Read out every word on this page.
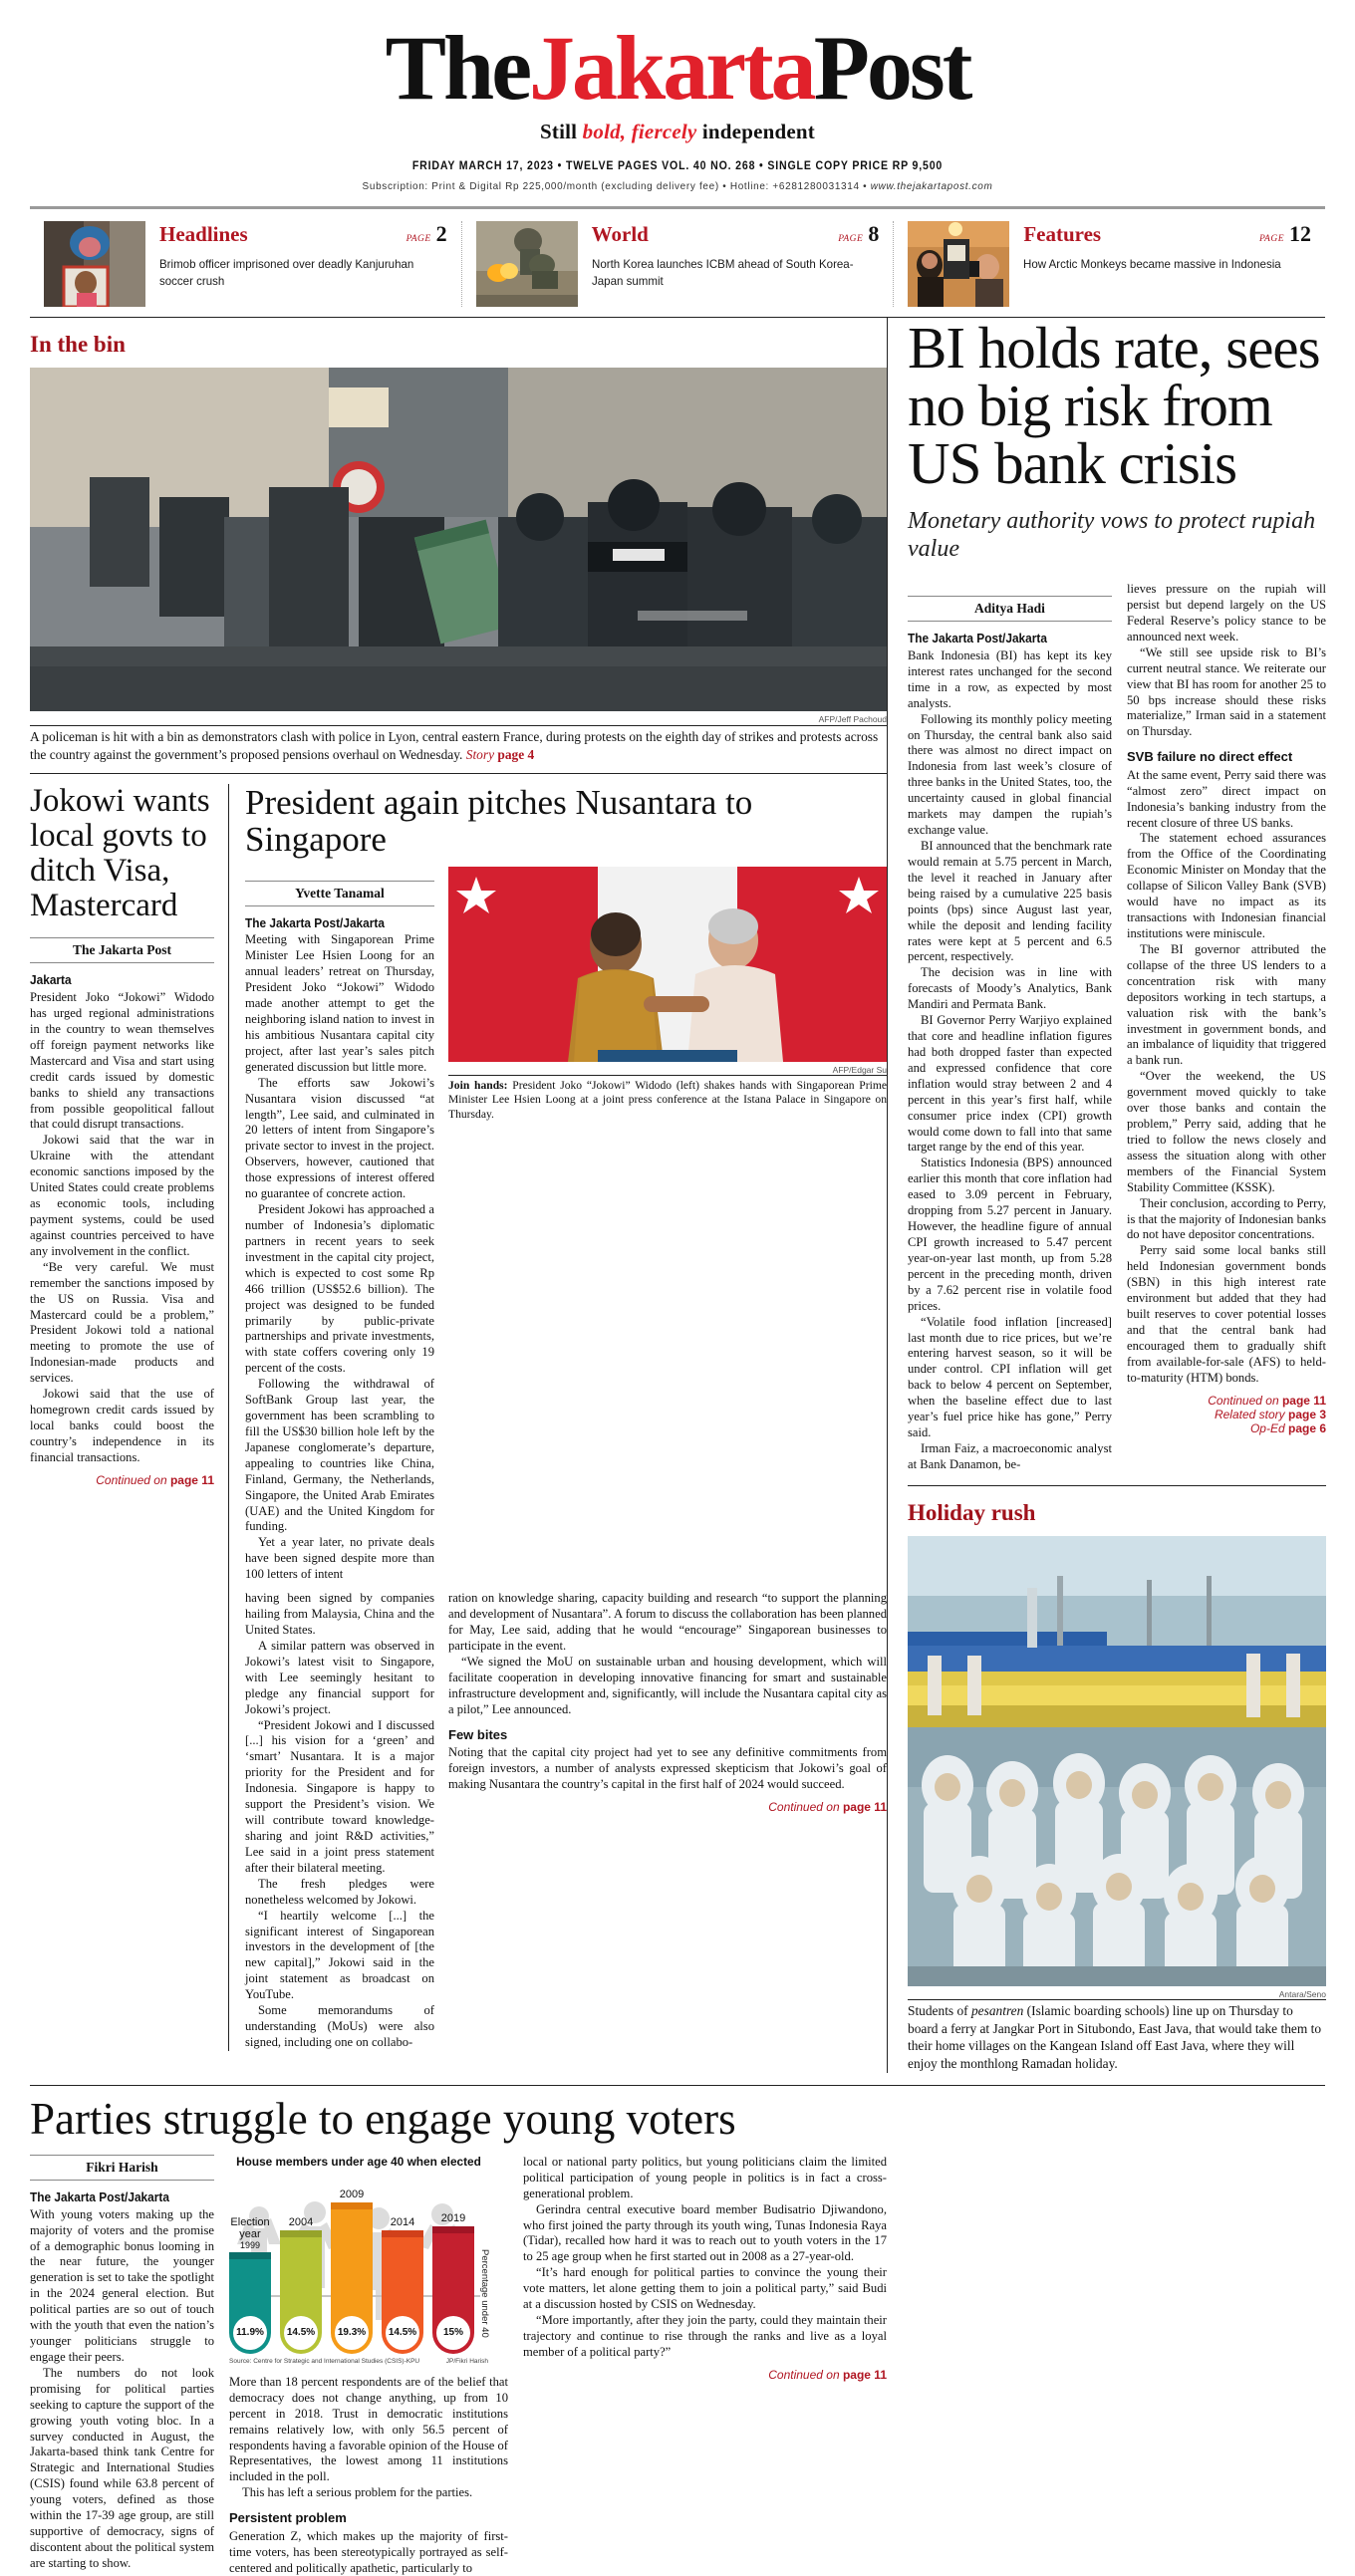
TheJakartaPost
Still bold, fiercely independent
FRIDAY MARCH 17, 2023 • TWELVE PAGES VOL. 40 NO. 268 • SINGLE COPY PRICE RP 9,500
Subscription: Print & Digital Rp 225,000/month (excluding delivery fee) • Hotline: +6281280031314 • www.thejakartapost.com
Headlines	PAGE 2
Brimob officer imprisoned over deadly Kanjuruhan soccer crush
World	PAGE 8
North Korea launches ICBM ahead of South Korea-Japan summit
Features	PAGE 12
How Arctic Monkeys became massive in Indonesia
In the bin
AFP/Jeff Pachoud
A policeman is hit with a bin as demonstrators clash with police in Lyon, central eastern France, during protests on the eighth day of strikes and protests across the country against the government’s proposed pensions overhaul on Wednesday. Story page 4
Jokowi wants local govts to ditch Visa, Mastercard
The Jakarta Post
Jakarta

President Joko “Jokowi” Widodo has urged regional administrations in the country to wean themselves off foreign payment networks like Mastercard and Visa and start using credit cards issued by domestic banks to shield any transactions from possible geopolitical fallout that could disrupt transactions.

Jokowi said that the war in Ukraine with the attendant economic sanctions imposed by the United States could create problems as economic tools, including payment systems, could be used against countries perceived to have any involvement in the conflict.

“Be very careful. We must remember the sanctions imposed by the US on Russia. Visa and Mastercard could be a problem,” President Jokowi told a national meeting to promote the use of Indonesian-made products and services.

Jokowi said that the use of homegrown credit cards issued by local banks could boost the country’s independence in its financial transactions.

Continued on page 11
President again pitches Nusantara to Singapore
Yvette Tanamal
The Jakarta Post/Jakarta

Meeting with Singaporean Prime Minister Lee Hsien Loong for an annual leaders’ retreat on Thursday, President Joko “Jokowi” Widodo made another attempt to get the neighboring island nation to invest in his ambitious Nusantara capital city project, after last year’s sales pitch generated discussion but little more.

The efforts saw Jokowi’s Nusantara vision discussed “at length”, Lee said, and culminated in 20 letters of intent from Singapore’s private sector to invest in the project. Observers, however, cautioned that those expressions of interest offered no guarantee of concrete action.

President Jokowi has approached a number of Indonesia’s diplomatic partners in recent years to seek investment in the capital city project, which is expected to cost some Rp 466 trillion (US$52.6 billion). The project was designed to be funded primarily by public-private partnerships and private investments, with state coffers covering only 19 percent of the costs.

Following the withdrawal of SoftBank Group last year, the government has been scrambling to fill the US$30 billion hole left by the Japanese conglomerate’s departure, appealing to countries like China, Finland, Germany, the Netherlands, Singapore, the United Arab Emirates (UAE) and the United Kingdom for funding.

Yet a year later, no private deals have been signed despite more than 100 letters of intent

AFP/Edgar Su
Join hands: President Joko “Jokowi” Widodo (left) shakes hands with Singaporean Prime Minister Lee Hsien Loong at a joint press conference at the Istana Palace in Singapore on Thursday.

having been signed by companies hailing from Malaysia, China and the United States.

A similar pattern was observed in Jokowi’s latest visit to Singapore, with Lee seemingly hesitant to pledge any financial support for Jokowi’s project.

“President Jokowi and I discussed [...] his vision for a ‘green’ and ‘smart’ Nusantara. It is a major priority for the President and for Indonesia. Singapore is happy to support the President’s vision. We will contribute toward knowledge-sharing and joint R&D activities,” Lee said in a joint press statement after their bilateral meeting.

The fresh pledges were nonetheless welcomed by Jokowi.

“I heartily welcome [...] the significant interest of Singaporean investors in the development of [the new capital],” Jokowi said in the joint statement as broadcast on YouTube.

Some memorandums of understanding (MoUs) were also signed, including one on collabo-

ration on knowledge sharing, capacity building and research “to support the planning and development of Nusantara”. A forum to discuss the collaboration has been planned for May, Lee said, adding that he would “encourage” Singaporean businesses to participate in the event.

“We signed the MoU on sustainable urban and housing development, which will facilitate cooperation in developing innovative financing for smart and sustainable infrastructure development and, significantly, will include the Nusantara capital city as a pilot,” Lee announced.

Few bites

Noting that the capital city project had yet to see any definitive commitments from foreign investors, a number of analysts expressed skepticism that Jokowi’s goal of making Nusantara the country’s capital in the first half of 2024 would succeed.

Continued on page 11
BI holds rate, sees no big risk from US bank crisis
Monetary authority vows to protect rupiah value
Aditya Hadi
The Jakarta Post/Jakarta

Bank Indonesia (BI) has kept its key interest rates unchanged for the second time in a row, as expected by most analysts.

Following its monthly policy meeting on Thursday, the central bank also said there was almost no direct impact on Indonesia from last week’s closure of three banks in the United States, too, the uncertainty caused in global financial markets may dampen the rupiah’s exchange value.

BI announced that the benchmark rate would remain at 5.75 percent in March, the level it reached in January after being raised by a cumulative 225 basis points (bps) since August last year, while the deposit and lending facility rates were kept at 5 percent and 6.5 percent, respectively.

The decision was in line with forecasts of Moody’s Analytics, Bank Mandiri and Permata Bank.

BI Governor Perry Warjiyo explained that core and headline inflation figures had both dropped faster than expected and expressed confidence that core inflation would stray between 2 and 4 percent in this year’s first half, while consumer price index (CPI) growth would come down to fall into that same target range by the end of this year.

Statistics Indonesia (BPS) announced earlier this month that core inflation had eased to 3.09 percent in February, dropping from 5.27 percent in January. However, the headline figure of annual CPI growth increased to 5.47 percent year-on-year last month, up from 5.28 percent in the preceding month, driven by a 7.62 percent rise in volatile food prices.

“Volatile food inflation [increased] last month due to rice prices, but we’re entering harvest season, so it will be under control. CPI inflation will get back to below 4 percent on September, when the baseline effect due to last year’s fuel price hike has gone,” Perry said.

Irman Faiz, a macroeconomic analyst at Bank Danamon, be-

lieves pressure on the rupiah will persist but depend largely on the US Federal Reserve’s policy stance to be announced next week.

“We still see upside risk to BI’s current neutral stance. We reiterate our view that BI has room for another 25 to 50 bps increase should these risks materialize,” Irman said in a statement on Thursday.

SVB failure no direct effect

At the same event, Perry said there was “almost zero” direct impact on Indonesia’s banking industry from the recent closure of three US banks.

The statement echoed assurances from the Office of the Coordinating Economic Minister on Monday that the collapse of Silicon Valley Bank (SVB) would have no impact as its transactions with Indonesian financial institutions were miniscule.

The BI governor attributed the collapse of the three US lenders to a concentration risk with many depositors working in tech startups, a valuation risk with the bank’s investment in government bonds, and an imbalance of liquidity that triggered a bank run.

“Over the weekend, the US government moved quickly to take over those banks and contain the problem,” Perry said, adding that he tried to follow the news closely and assess the situation along with other members of the Financial System Stability Committee (KSSK).

Their conclusion, according to Perry, is that the majority of Indonesian banks do not have depositor concentrations.

Perry said some local banks still held Indonesian government bonds (SBN) in this high interest rate environment but added that they had built reserves to cover potential losses and that the central bank had encouraged them to gradually shift from available-for-sale (AFS) to held-to-maturity (HTM) bonds.

Continued on page 11
Related story page 3
Op-Ed page 6
Holiday rush
Antara/Seno
Students of pesantren (Islamic boarding schools) line up on Thursday to board a ferry at Jangkar Port in Situbondo, East Java, that would take them to their home villages on the Kangean Island off East Java, where they will enjoy the monthlong Ramadan holiday.
Parties struggle to engage young voters
Fikri Harish
The Jakarta Post/Jakarta

With young voters making up the majority of voters and the promise of a demographic bonus looming in the near future, the younger generation is set to take the spotlight in the 2024 general election. But political parties are so out of touch with the youth that even the nation’s younger politicians struggle to engage their peers.

The numbers do not look promising for political parties seeking to capture the support of the growing youth voting bloc. In a survey conducted in August, the Jakarta-based think tank Centre for Strategic and International Studies (CSIS) found while 63.8 percent of young voters, defined as those within the 17-39 age group, are still supportive of democracy, signs of discontent about the political system are starting to show.

House members under age 40 when elected
Election year
1999
11.9%
2004
14.5%
2009
19.3%
2014
14.5%
2019
15%	Percentage under 40
Source: Centre for Strategic and International Studies (CSIS)-KPU	JP/Fikri Harish

More than 18 percent respondents are of the belief that democracy does not change anything, up from 10 percent in 2018. Trust in democratic institutions remains relatively low, with only 56.5 percent of respondents having a favorable opinion of the House of Representatives, the lowest among 11 institutions included in the poll.

This has left a serious problem for the parties.

Persistent problem

Generation Z, which makes up the majority of first-time voters, has been stereotypically portrayed as self-centered and politically apathetic, particularly to

local or national party politics, but young politicians claim the limited political participation of young people in politics is in fact a cross-generational problem.

Gerindra central executive board member Budisatrio Djiwandono, who first joined the party through its youth wing, Tunas Indonesia Raya (Tidar), recalled how hard it was to reach out to youth voters in the 17 to 25 age group when he first started out in 2008 as a 27-year-old.

“It’s hard enough for political parties to convince the young their vote matters, let alone getting them to join a political party,” said Budi at a discussion hosted by CSIS on Wednesday.

“More importantly, after they join the party, could they maintain their trajectory and continue to rise through the ranks and live as a loyal member of a political party?”

Continued on page 11
